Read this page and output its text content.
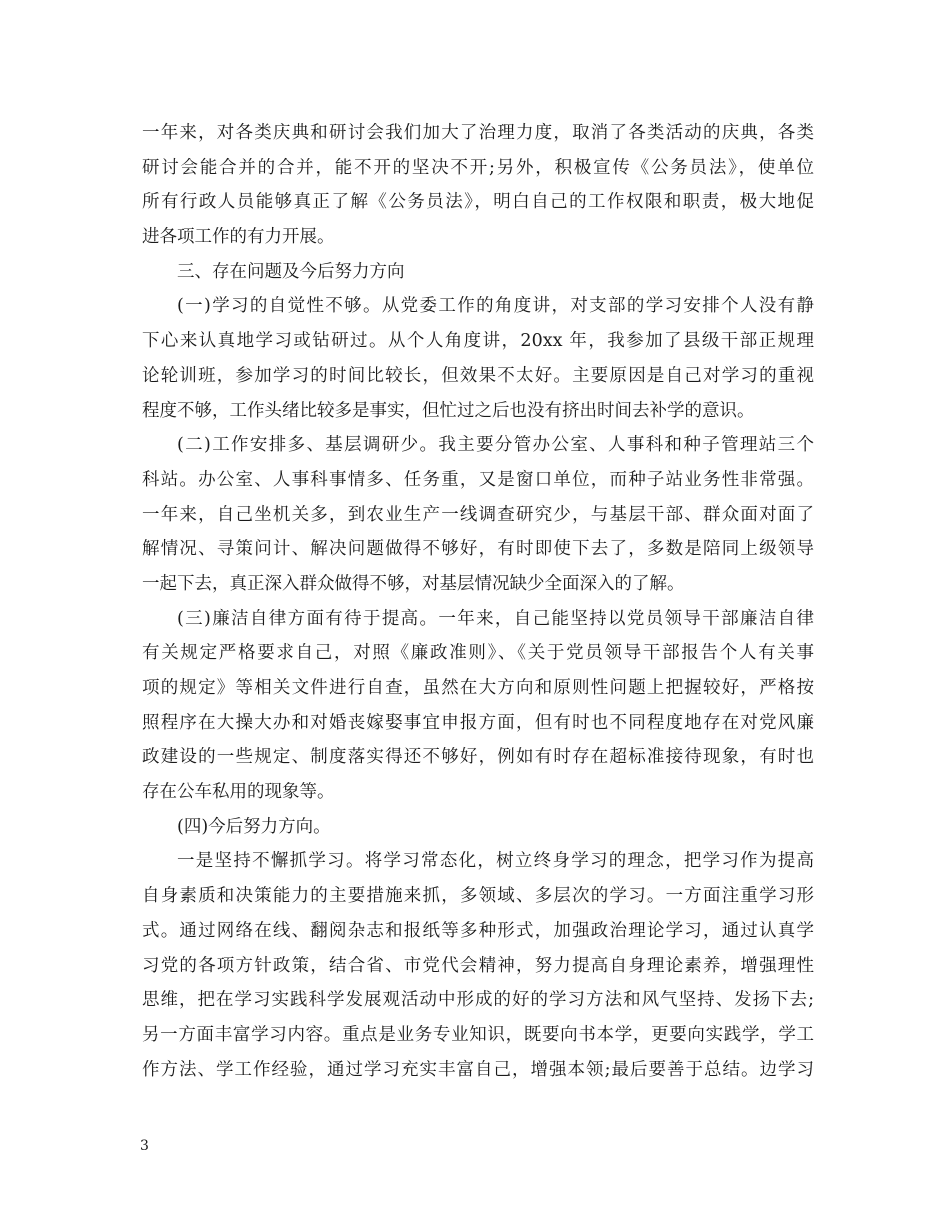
一年来，对各类庆典和研讨会我们加大了治理力度，取消了各类活动的庆典，各类
研讨会能合并的合并，能不开的坚决不开;另外，积极宣传《公务员法》，使单位
所有行政人员能够真正了解《公务员法》，明白自己的工作权限和职责，极大地促
进各项工作的有力开展。
三、存在问题及今后努力方向
(一)学习的自觉性不够。从党委工作的角度讲，对支部的学习安排个人没有静
下心来认真地学习或钻研过。从个人角度讲，20xx 年，我参加了县级干部正规理
论轮训班，参加学习的时间比较长，但效果不太好。主要原因是自己对学习的重视
程度不够，工作头绪比较多是事实，但忙过之后也没有挤出时间去补学的意识。
(二)工作安排多、基层调研少。我主要分管办公室、人事科和种子管理站三个
科站。办公室、人事科事情多、任务重，又是窗口单位，而种子站业务性非常强。
一年来，自己坐机关多，到农业生产一线调查研究少，与基层干部、群众面对面了
解情况、寻策问计、解决问题做得不够好，有时即使下去了，多数是陪同上级领导
一起下去，真正深入群众做得不够，对基层情况缺少全面深入的了解。
(三)廉洁自律方面有待于提高。一年来，自己能坚持以党员领导干部廉洁自律
有关规定严格要求自己，对照《廉政准则》、《关于党员领导干部报告个人有关事
项的规定》等相关文件进行自查，虽然在大方向和原则性问题上把握较好，严格按
照程序在大操大办和对婚丧嫁娶事宜申报方面，但有时也不同程度地存在对党风廉
政建设的一些规定、制度落实得还不够好，例如有时存在超标准接待现象，有时也
存在公车私用的现象等。
(四)今后努力方向。
一是坚持不懈抓学习。将学习常态化，树立终身学习的理念，把学习作为提高
自身素质和决策能力的主要措施来抓，多领域、多层次的学习。一方面注重学习形
式。通过网络在线、翻阅杂志和报纸等多种形式，加强政治理论学习，通过认真学
习党的各项方针政策，结合省、市党代会精神，努力提高自身理论素养，增强理性
思维，把在学习实践科学发展观活动中形成的好的学习方法和风气坚持、发扬下去;
另一方面丰富学习内容。重点是业务专业知识，既要向书本学，更要向实践学，学工
作方法、学工作经验，通过学习充实丰富自己，增强本领;最后要善于总结。边学习
3
